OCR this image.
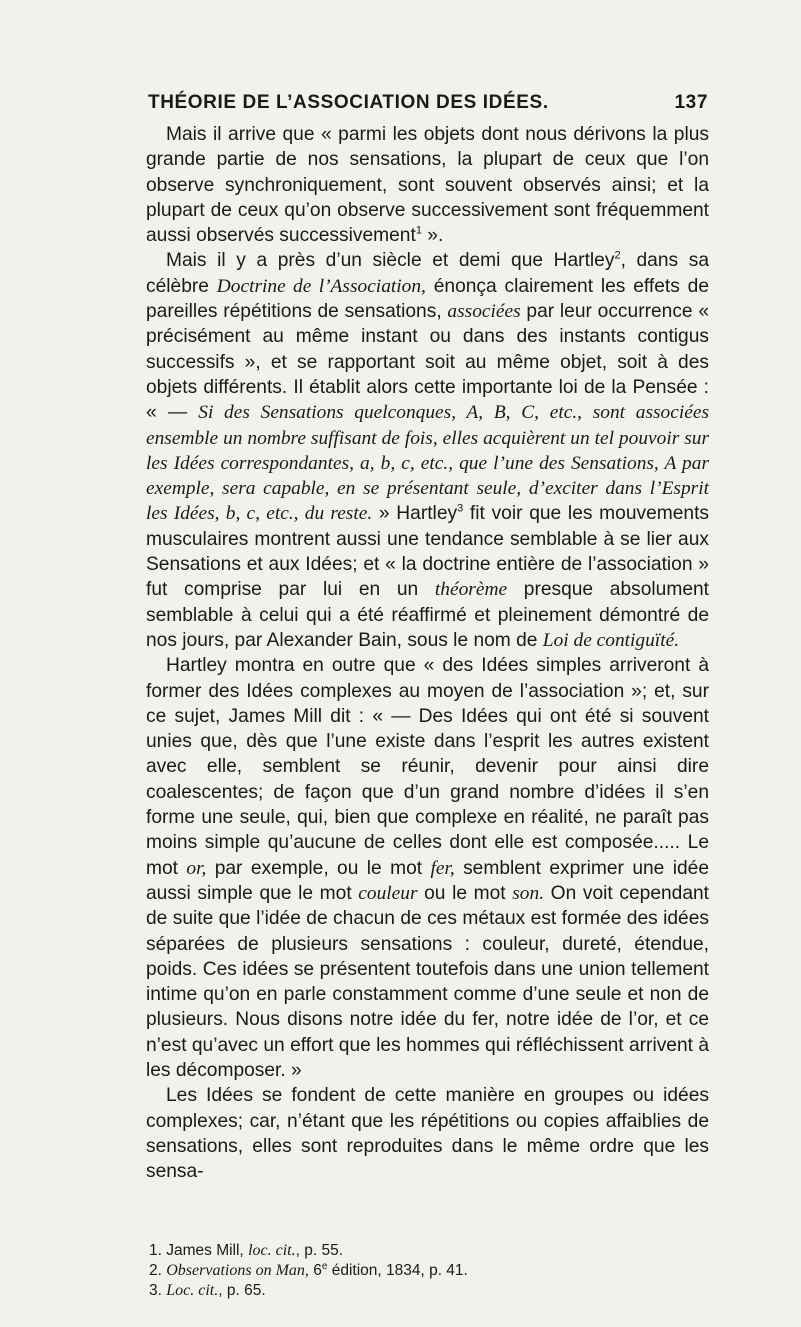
THÉORIE DE L’ASSOCIATION DES IDÉES.	137

Mais il arrive que « parmi les objets dont nous dérivons la plus grande partie de nos sensations, la plupart de ceux que l’on observe synchroniquement, sont souvent observés ainsi; et la plupart de ceux qu’on observe successivement sont fréquemment aussi observés successivement$^1$ ».

Mais il y a près d’un siècle et demi que Hartley$^2$, dans sa célèbre Doctrine de l’Association, énonça clairement les effets de pareilles répétitions de sensations, associées par leur occurrence « précisément au même instant ou dans des instants contigus successifs », et se rapportant soit au même objet, soit à des objets différents. Il établit alors cette importante loi de la Pensée : « — Si des Sensations quelconques, A, B, C, etc., sont associées ensemble un nombre suffisant de fois, elles acquièrent un tel pouvoir sur les Idées correspondantes, a, b, c, etc., que l’une des Sensations, A par exemple, sera capable, en se présentant seule, d’exciter dans l’Esprit les Idées, b, c, etc., du reste. » Hartley$^3$ fit voir que les mouvements musculaires montrent aussi une tendance semblable à se lier aux Sensations et aux Idées; et « la doctrine entière de l’association » fut comprise par lui en un théorème presque absolument semblable à celui qui a été réaffirmé et pleinement démontré de nos jours, par Alexander Bain, sous le nom de Loi de contiguïté.

Hartley montra en outre que « des Idées simples arriveront à former des Idées complexes au moyen de l’association »; et, sur ce sujet, James Mill dit : « — Des Idées qui ont été si souvent unies que, dès que l’une existe dans l’esprit les autres existent avec elle, semblent se réunir, devenir pour ainsi dire coalescentes; de façon que d’un grand nombre d’idées il s’en forme une seule, qui, bien que complexe en réalité, ne paraît pas moins simple qu’aucune de celles dont elle est composée..... Le mot or, par exemple, ou le mot fer, semblent exprimer une idée aussi simple que le mot couleur ou le mot son. On voit cependant de suite que l’idée de chacun de ces métaux est formée des idées séparées de plusieurs sensations : couleur, dureté, étendue, poids. Ces idées se présentent toutefois dans une union tellement intime qu’on en parle constamment comme d’une seule et non de plusieurs. Nous disons notre idée du fer, notre idée de l’or, et ce n’est qu’avec un effort que les hommes qui réfléchissent arrivent à les décomposer. »

Les Idées se fondent de cette manière en groupes ou idées complexes; car, n’étant que les répétitions ou copies affaiblies de sensations, elles sont reproduites dans le même ordre que les sensa-

1. James Mill, loc. cit., p. 55.
2. Observations on Man, 6e édition, 1834, p. 41.
3. Loc. cit., p. 65.
